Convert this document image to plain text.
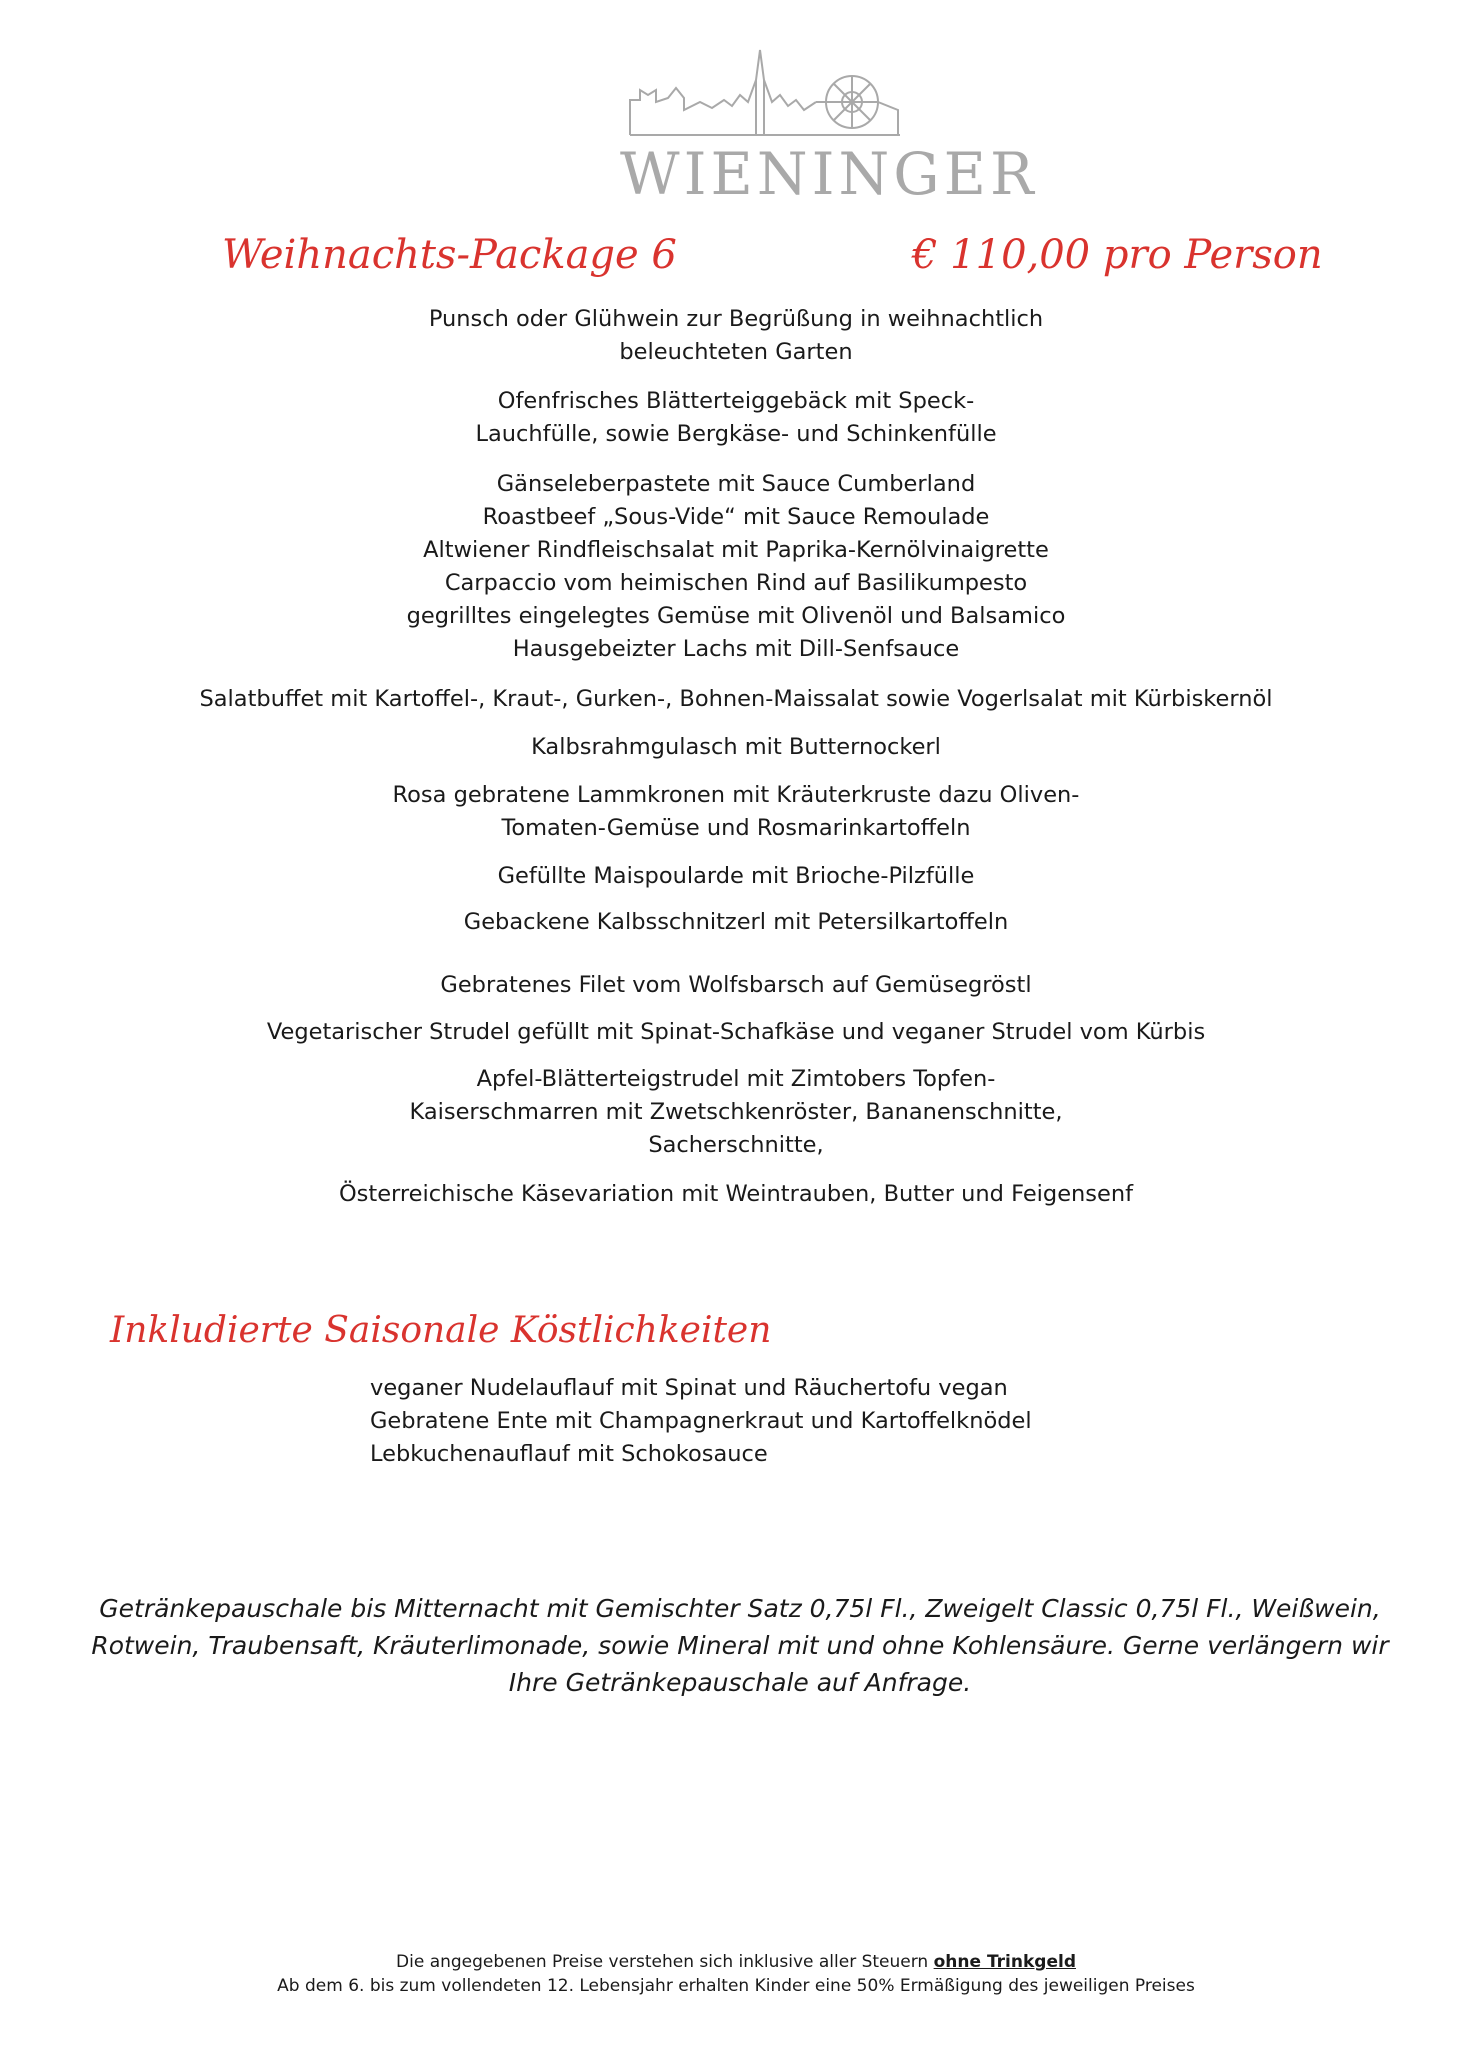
WIENINGER
Weihnachts-Package 6	€ 110,00 pro Person
Punsch oder Glühwein zur Begrüßung in weihnachtlich
beleuchteten Garten
Ofenfrisches Blätterteiggebäck mit Speck-
Lauchfülle, sowie Bergkäse- und Schinkenfülle
Gänseleberpastete mit Sauce Cumberland
Roastbeef „Sous-Vide“ mit Sauce Remoulade
Altwiener Rindfleischsalat mit Paprika-Kernölvinaigrette
Carpaccio vom heimischen Rind auf Basilikumpesto
gegrilltes eingelegtes Gemüse mit Olivenöl und Balsamico
Hausgebeizter Lachs mit Dill-Senfsauce
Salatbuffet mit Kartoffel-, Kraut-, Gurken-, Bohnen-Maissalat sowie Vogerlsalat mit Kürbiskernöl
Kalbsrahmgulasch mit Butternockerl
Rosa gebratene Lammkronen mit Kräuterkruste dazu Oliven-
Tomaten-Gemüse und Rosmarinkartoffeln
Gefüllte Maispoularde mit Brioche-Pilzfülle
Gebackene Kalbsschnitzerl mit Petersilkartoffeln
Gebratenes Filet vom Wolfsbarsch auf Gemüsegröstl
Vegetarischer Strudel gefüllt mit Spinat-Schafkäse und veganer Strudel vom Kürbis
Apfel-Blätterteigstrudel mit Zimtobers Topfen-
Kaiserschmarren mit Zwetschkenröster, Bananenschnitte,
Sacherschnitte,
Österreichische Käsevariation mit Weintrauben, Butter und Feigensenf
Inkludierte Saisonale Köstlichkeiten
veganer Nudelauflauf mit Spinat und Räuchertofu vegan
Gebratene Ente mit Champagnerkraut und Kartoffelknödel
Lebkuchenauflauf mit Schokosauce
Getränkepauschale bis Mitternacht mit Gemischter Satz 0,75l Fl., Zweigelt Classic 0,75l Fl., Weißwein,
Rotwein, Traubensaft, Kräuterlimonade, sowie Mineral mit und ohne Kohlensäure. Gerne verlängern wir
Ihre Getränkepauschale auf Anfrage.
Die angegebenen Preise verstehen sich inklusive aller Steuern ohne Trinkgeld
Ab dem 6. bis zum vollendeten 12. Lebensjahr erhalten Kinder eine 50% Ermäßigung des jeweiligen Preises
